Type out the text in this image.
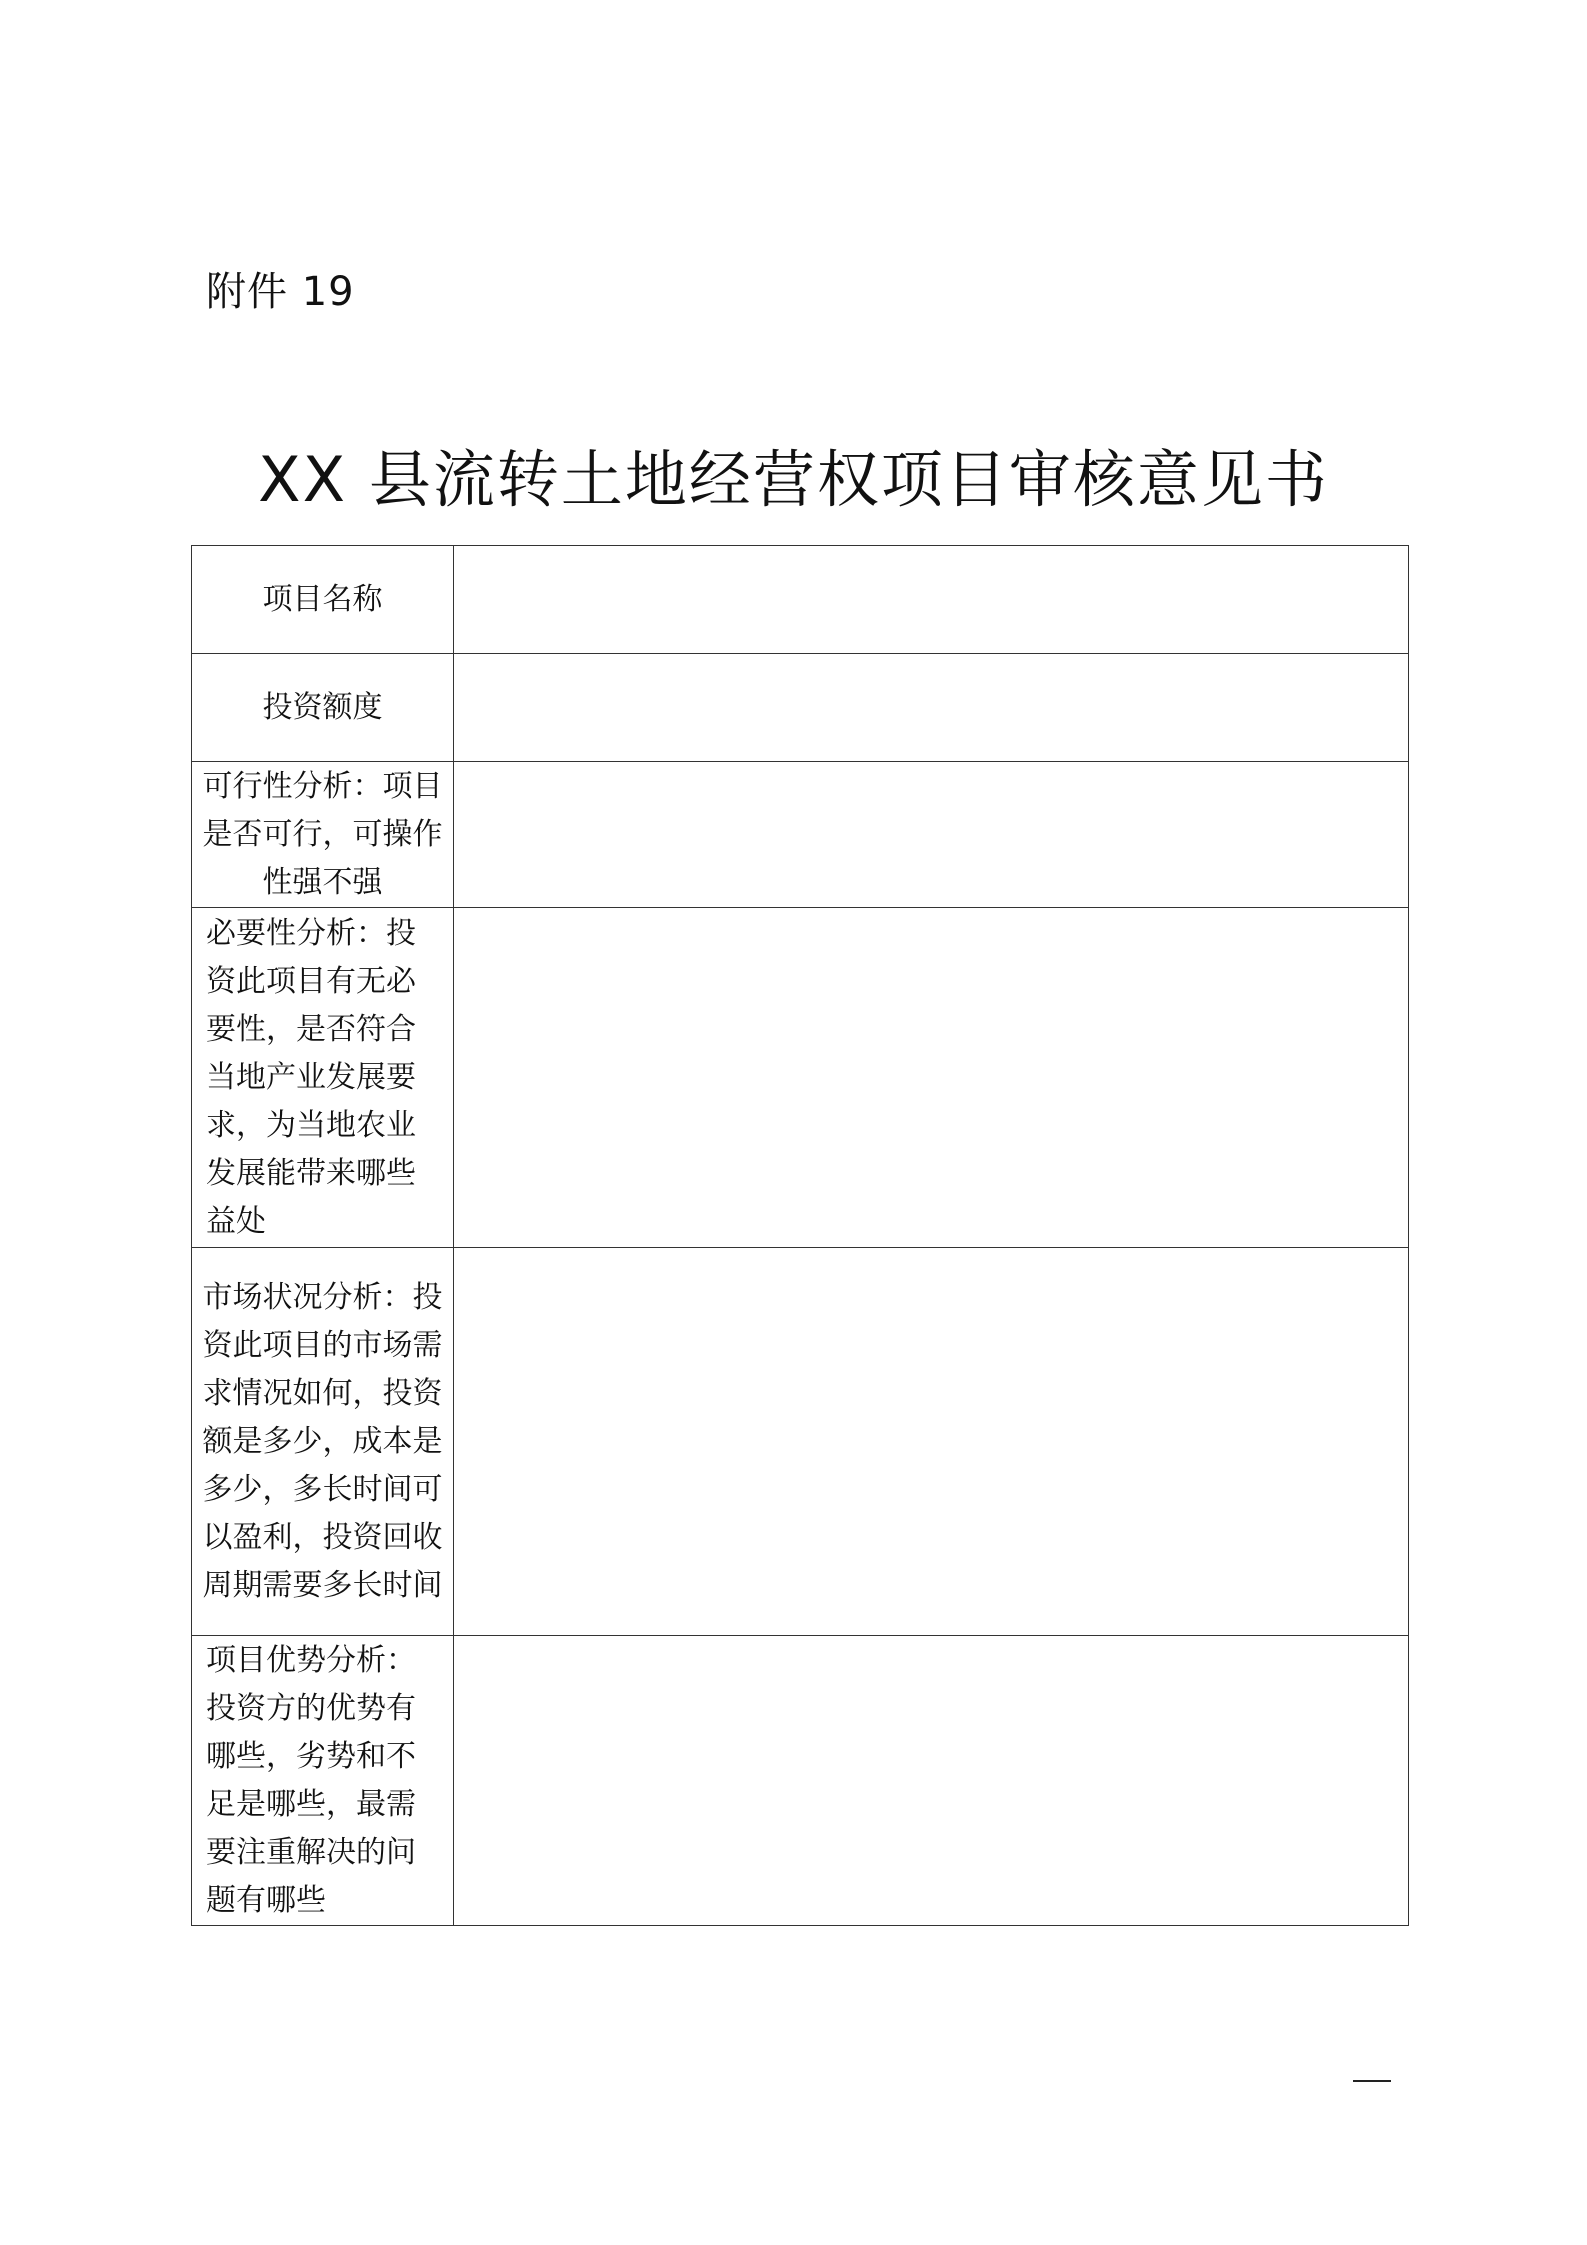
附件 19
XX 县流转土地经营权项目审核意见书
项目名称	
投资额度	
可行性分析：项目是否可行，可操作性强不强	
必要性分析：投资此项目有无必要性，是否符合当地产业发展要求，为当地农业发展能带来哪些益处	
市场状况分析：投资此项目的市场需求情况如何，投资额是多少，成本是多少，多长时间可以盈利，投资回收周期需要多长时间	
项目优势分析：投资方的优势有哪些，劣势和不足是哪些，最需要注重解决的问题有哪些	
